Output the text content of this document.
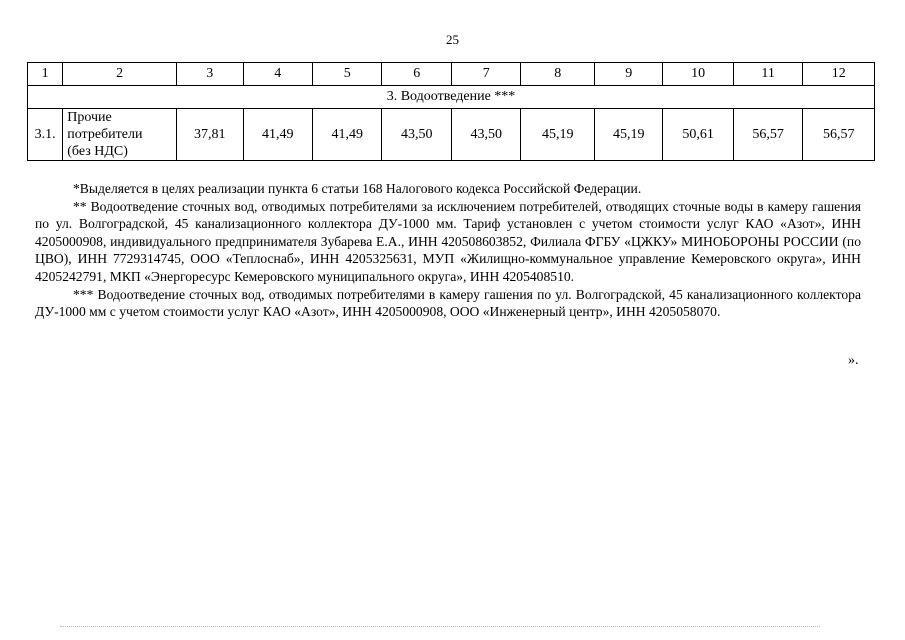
25
1	2	3	4	5	6	7	8	9	10	11	12
3. Водоотведение ***											
3.1.	Прочие
потребители
(без НДС)	37,81	41,49	41,49	43,50	43,50	45,19	45,19	50,61	56,57	56,57

*Выделяется в целях реализации пункта 6 статьи 168 Налогового кодекса Российской Федерации.

** Водоотведение сточных вод, отводимых потребителями за исключением потребителей, отводящих сточные воды в камеру гашения по ул. Волгоградской, 45 канализационного коллектора ДУ-1000 мм. Тариф установлен с учетом стоимости услуг КАО «Азот», ИНН 4205000908, индивидуального предпринимателя Зубарева Е.А., ИНН 420508603852, Филиала ФГБУ «ЦЖКУ» МИНОБОРОНЫ РОССИИ (по ЦВО), ИНН 7729314745, ООО «Теплоснаб», ИНН 4205325631, МУП «Жилищно-коммунальное управление Кемеровского округа», ИНН 4205242791, МКП «Энергоресурс Кемеровского муниципального округа», ИНН 4205408510.

*** Водоотведение сточных вод, отводимых потребителями в камеру гашения по ул. Волгоградской, 45 канализационного коллектора ДУ-1000 мм с учетом стоимости услуг КАО «Азот», ИНН 4205000908, ООО «Инженерный центр», ИНН 4205058070.

».
